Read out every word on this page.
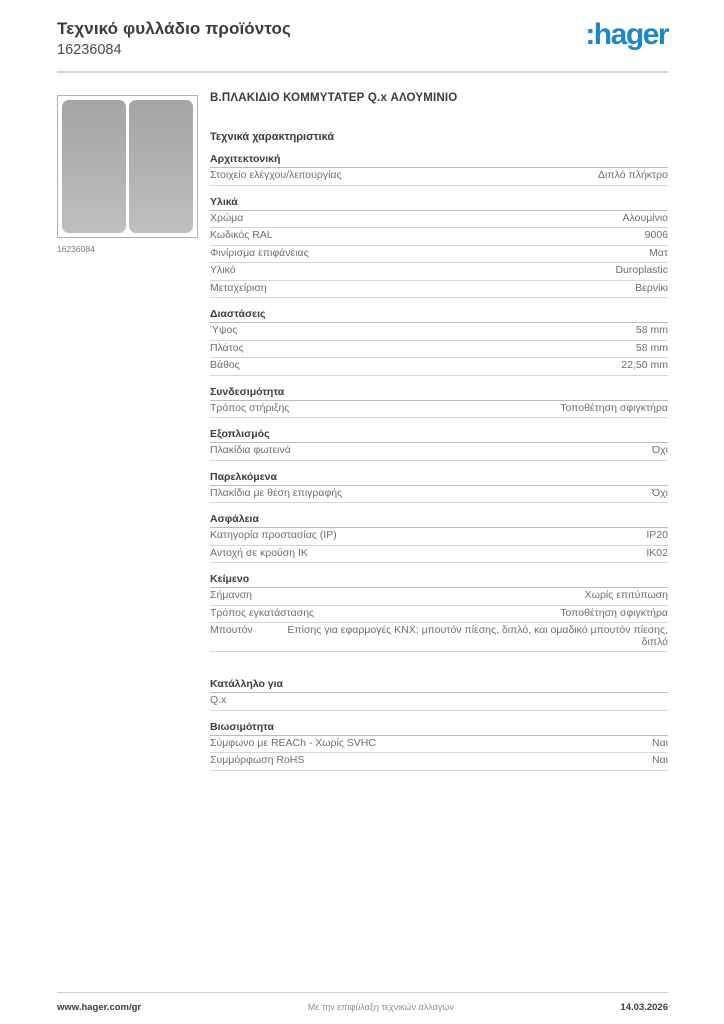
Τεχνικό φυλλάδιο προϊόντος
16236084	:hager
16236084
Β.ΠΛΑΚΙΔΙΟ ΚΟΜΜΥΤΑΤΕΡ Q.x ΑΛΟΥΜΙΝΙΟ
Τεχνικά χαρακτηριστικά
Αρχιτεκτονική
Στοιχείο ελέγχου/λειτουργίας	Διπλό πλήκτρο
Υλικά
Χρώμα	Αλουμίνιο
Κωδικός RAL	9006
Φινίρισμα επιφάνειας	Ματ
Υλικό	Duroplastic
Μεταχείριση	Βερνίκι
Διαστάσεις
Ύψος	58 mm
Πλάτος	58 mm
Βάθος	22,50 mm
Συνδεσιμότητα
Τρόπος στήριξης	Τοποθέτηση σφιγκτήρα
Εξοπλισμός
Πλακίδια φωτεινά	Όχι
Παρελκόμενα
Πλακίδια με θέση επιγραφής	Όχι
Ασφάλεια
Κατηγορία προστασίας (IP)	IP20
Αντοχή σε κρούση IK	IK02
Κείμενο
Σήμανση	Χωρίς επιτύπωση
Τρόπος εγκατάστασης	Τοποθέτηση σφιγκτήρα
Μπουτόν	Επίσης για εφαρμογές KNX: μπουτόν πίεσης, διπλό, και ομαδικό μπουτόν πίεσης, διπλό
Κατάλληλο για
Q.x
Βιωσιμότητα
Σύμφωνο με REACh - Χωρίς SVHC	Ναι
Συμμόρφωση RoHS	Ναι
www.hager.com/gr	Με την επιφύλαξη τεχνικών αλλαγών	14.03.2026
